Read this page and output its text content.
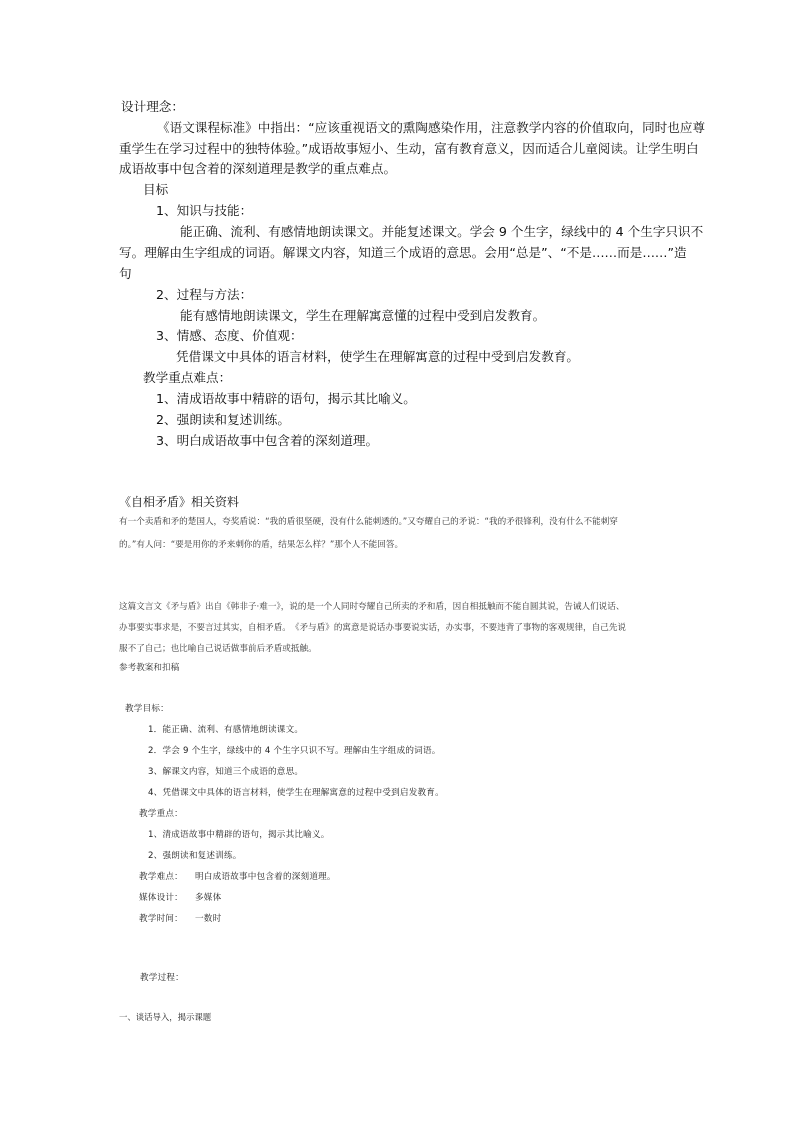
设计理念：

《语文课程标准》中指出：“应该重视语文的熏陶感染作用，注意教学内容的价值取向，同时也应尊

重学生在学习过程中的独特体验。”成语故事短小、生动，富有教育意义，因而适合儿童阅读。让学生明白

成语故事中包含着的深刻道理是教学的重点难点。

目标

1、知识与技能：

能正确、流利、有感情地朗读课文。并能复述课文。学会 9 个生字，绿线中的 4 个生字只识不

写。理解由生字组成的词语。解课文内容，知道三个成语的意思。会用“总是”、“不是……而是……”造

句

2、过程与方法：

能有感情地朗读课文，学生在理解寓意懂的过程中受到启发教育。

3、情感、态度、价值观：

凭借课文中具体的语言材料，使学生在理解寓意的过程中受到启发教育。

教学重点难点：

1、清成语故事中精辟的语句，揭示其比喻义。

2、强朗读和复述训练。

3、明白成语故事中包含着的深刻道理。

《自相矛盾》相关资料

有一个卖盾和矛的楚国人，夸奖盾说：“我的盾很坚硬，没有什么能刺透的。”又夸耀自己的矛说：“我的矛很锋利，没有什么不能刺穿

的。”有人问：“要是用你的矛来刺你的盾，结果怎么样？”那个人不能回答。

这篇文言文《矛与盾》出自《韩非子·难一》，说的是一个人同时夸耀自己所卖的矛和盾，因自相抵触而不能自圆其说，告诫人们说话、

办事要实事求是，不要言过其实，自相矛盾。　《矛与盾》的寓意是说话办事要说实话，办实事，不要违背了事物的客观规律，自己先说

服不了自己；也比喻自己说话做事前后矛盾或抵触。

参考教案和扣稿

教学目标：

1．能正确、流利、有感情地朗读课文。

2．学会 9 个生字，绿线中的 4 个生字只识不写。理解由生字组成的词语。

3、解课文内容，知道三个成语的意思。

4、凭借课文中具体的语言材料，使学生在理解寓意的过程中受到启发教育。

教学重点：

1、清成语故事中精辟的语句，揭示其比喻义。

2、强朗读和复述训练。

教学难点： 明白成语故事中包含着的深刻道理。

媒体设计： 多媒体

教学时间： 一数时

教学过程：

一、谈话导入，揭示课题
